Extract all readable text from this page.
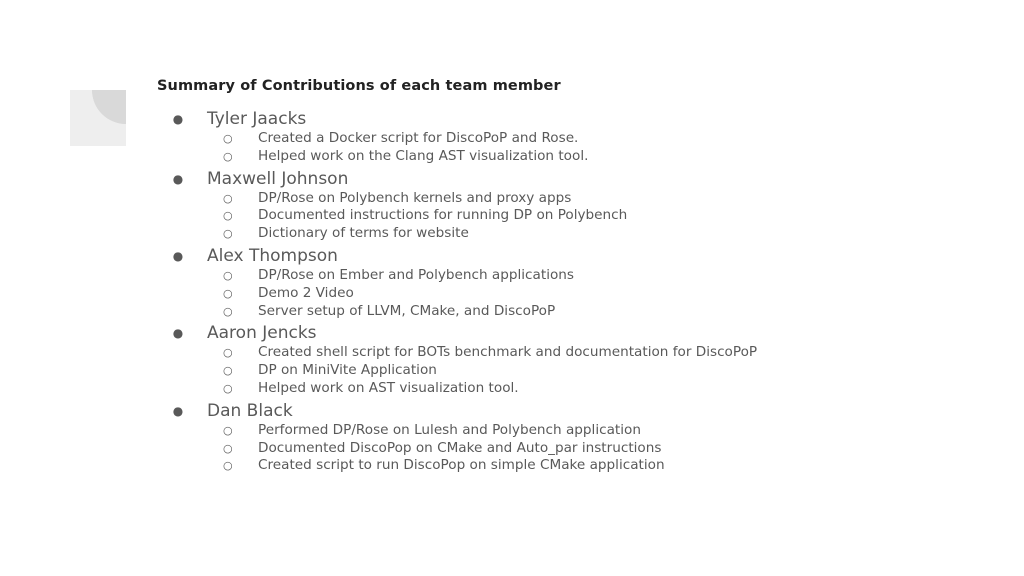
Summary of Contributions of each team member
● Tyler Jaacks
○ Created a Docker script for DiscoPoP and Rose.
○ Helped work on the Clang AST visualization tool.
● Maxwell Johnson
○ DP/Rose on Polybench kernels and proxy apps
○ Documented instructions for running DP on Polybench
○ Dictionary of terms for website
● Alex Thompson
○ DP/Rose on Ember and Polybench applications
○ Demo 2 Video
○ Server setup of LLVM, CMake, and DiscoPoP
● Aaron Jencks
○ Created shell script for BOTs benchmark and documentation for DiscoPoP
○ DP on MiniVite Application
○ Helped work on AST visualization tool.
● Dan Black
○ Performed DP/Rose on Lulesh and Polybench application
○ Documented DiscoPop on CMake and Auto_par instructions
○ Created script to run DiscoPop on simple CMake application
